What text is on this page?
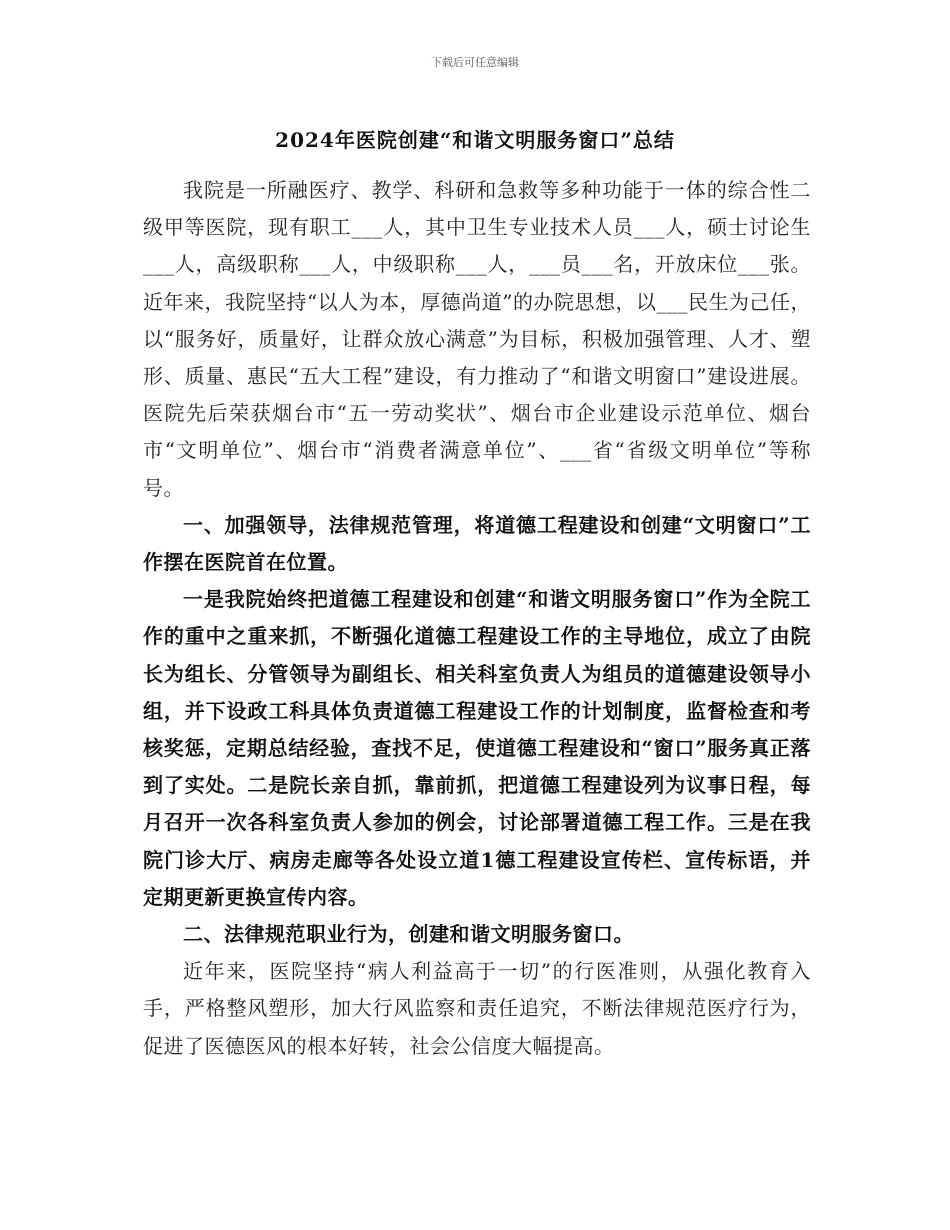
下载后可任意编辑
2024年医院创建“和谐文明服务窗口”总结

我院是一所融医疗、教学、科研和急救等多种功能于一体的综合性二级甲等医院，现有职工___人，其中卫生专业技术人员___人，硕士讨论生___人，高级职称___人，中级职称___人，___员___名，开放床位___张。近年来，我院坚持“以人为本，厚德尚道”的办院思想，以___民生为己任，以“服务好，质量好，让群众放心满意”为目标，积极加强管理、人才、塑形、质量、惠民“五大工程”建设，有力推动了“和谐文明窗口”建设进展。医院先后荣获烟台市“五一劳动奖状”、烟台市企业建设示范单位、烟台市“文明单位”、烟台市“消费者满意单位”、___省“省级文明单位”等称号。

一、加强领导，法律规范管理，将道德工程建设和创建“文明窗口”工作摆在医院首在位置。

一是我院始终把道德工程建设和创建“和谐文明服务窗口”作为全院工作的重中之重来抓，不断强化道德工程建设工作的主导地位，成立了由院长为组长、分管领导为副组长、相关科室负责人为组员的道德建设领导小组，并下设政工科具体负责道德工程建设工作的计划制度，监督检查和考核奖惩，定期总结经验，查找不足，使道德工程建设和“窗口”服务真正落到了实处。二是院长亲自抓，靠前抓，把道德工程建设列为议事日程，每月召开一次各科室负责人参加的例会，讨论部署道德工程工作。三是在我院门诊大厅、病房走廊等各处设立道1德工程建设宣传栏、宣传标语，并定期更新更换宣传内容。

二、法律规范职业行为，创建和谐文明服务窗口。

近年来，医院坚持“病人利益高于一切”的行医准则，从强化教育入手，严格整风塑形，加大行风监察和责任追究，不断法律规范医疗行为，促进了医德医风的根本好转，社会公信度大幅提高。
